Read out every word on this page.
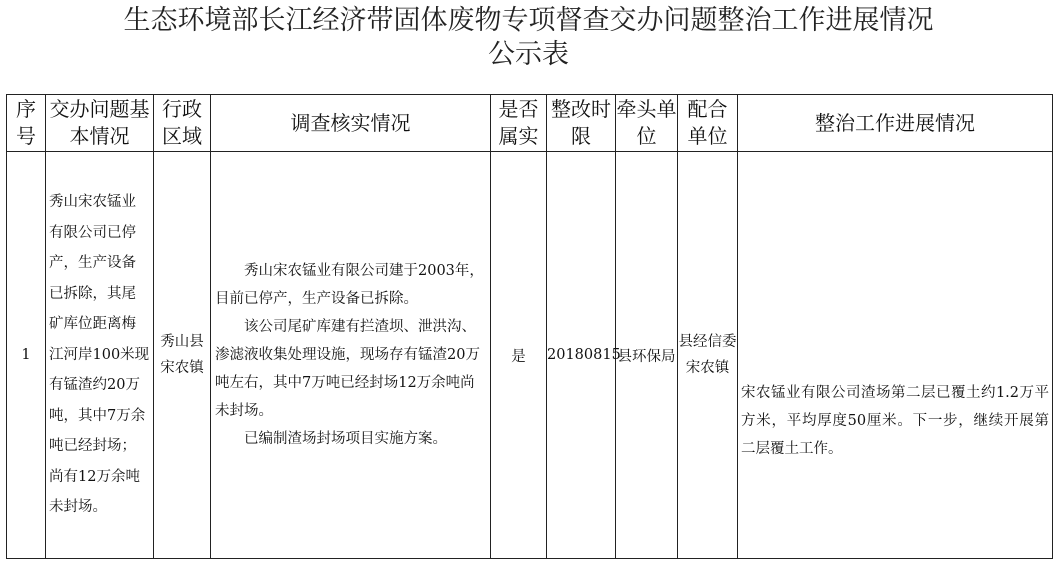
生态环境部长江经济带固体废物专项督查交办问题整治工作进展情况
公示表
序号	交办问题基本情况	行政区域	调查核实情况	是否属实	整改时限	牵头单位	配合单位	整治工作进展情况
1	秀山宋农锰业有限公司已停产，生产设备已拆除，其尾矿库位距离梅江河岸100米现有锰渣约20万吨，其中7万余吨已经封场；尚有12万余吨未封场。	秀山县宋农镇	秀山宋农锰业有限公司建于2003年，目前已停产，生产设备已拆除。

该公司尾矿库建有拦渣坝、泄洪沟、渗滤液收集处理设施，现场存有锰渣20万吨左右，其中7万吨已经封场12万余吨尚未封场。

已编制渣场封场项目实施方案。	是	20180815	县环保局	县经信委宋农镇	宋农锰业有限公司渣场第二层已覆土约1.2万平方米，平均厚度50厘米。下一步，继续开展第二层覆土工作。
